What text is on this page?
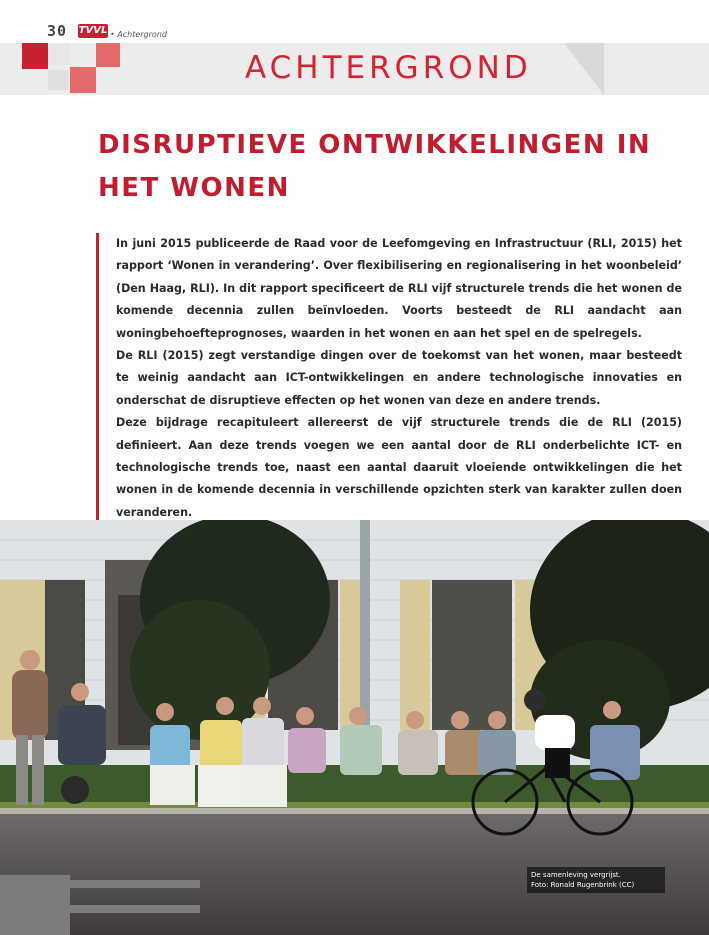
30 TVVL • Achtergrond
ACHTERGROND
DISRUPTIEVE ONTWIKKELINGEN IN HET WONEN

In juni 2015 publiceerde de Raad voor de Leefomgeving en Infrastructuur (RLI, 2015) het rapport ‘Wonen in verandering’. Over flexibilisering en regionalisering in het woonbeleid’ (Den Haag, RLI). In dit rapport specificeert de RLI vijf structurele trends die het wonen de komende decennia zullen beïnvloeden. Voorts besteedt de RLI aandacht aan woningbehoefteprognoses, waarden in het wonen en aan het spel en de spelregels.

De RLI (2015) zegt verstandige dingen over de toekomst van het wonen, maar besteedt te weinig aandacht aan ICT-ontwikkelingen en andere technologische innovaties en onderschat de disruptieve effecten op het wonen van deze en andere trends.

Deze bijdrage recapituleert allereerst de vijf structurele trends die de RLI (2015) definieert. Aan deze trends voegen we een aantal door de RLI onderbelichte ICT- en technologische trends toe, naast een aantal daaruit vloeiende ontwikkelingen die het wonen in de komende decennia in verschillende opzichten sterk van karakter zullen doen veranderen.

De samenleving vergrijst.
Foto: Ronald Rugenbrink (CC)
